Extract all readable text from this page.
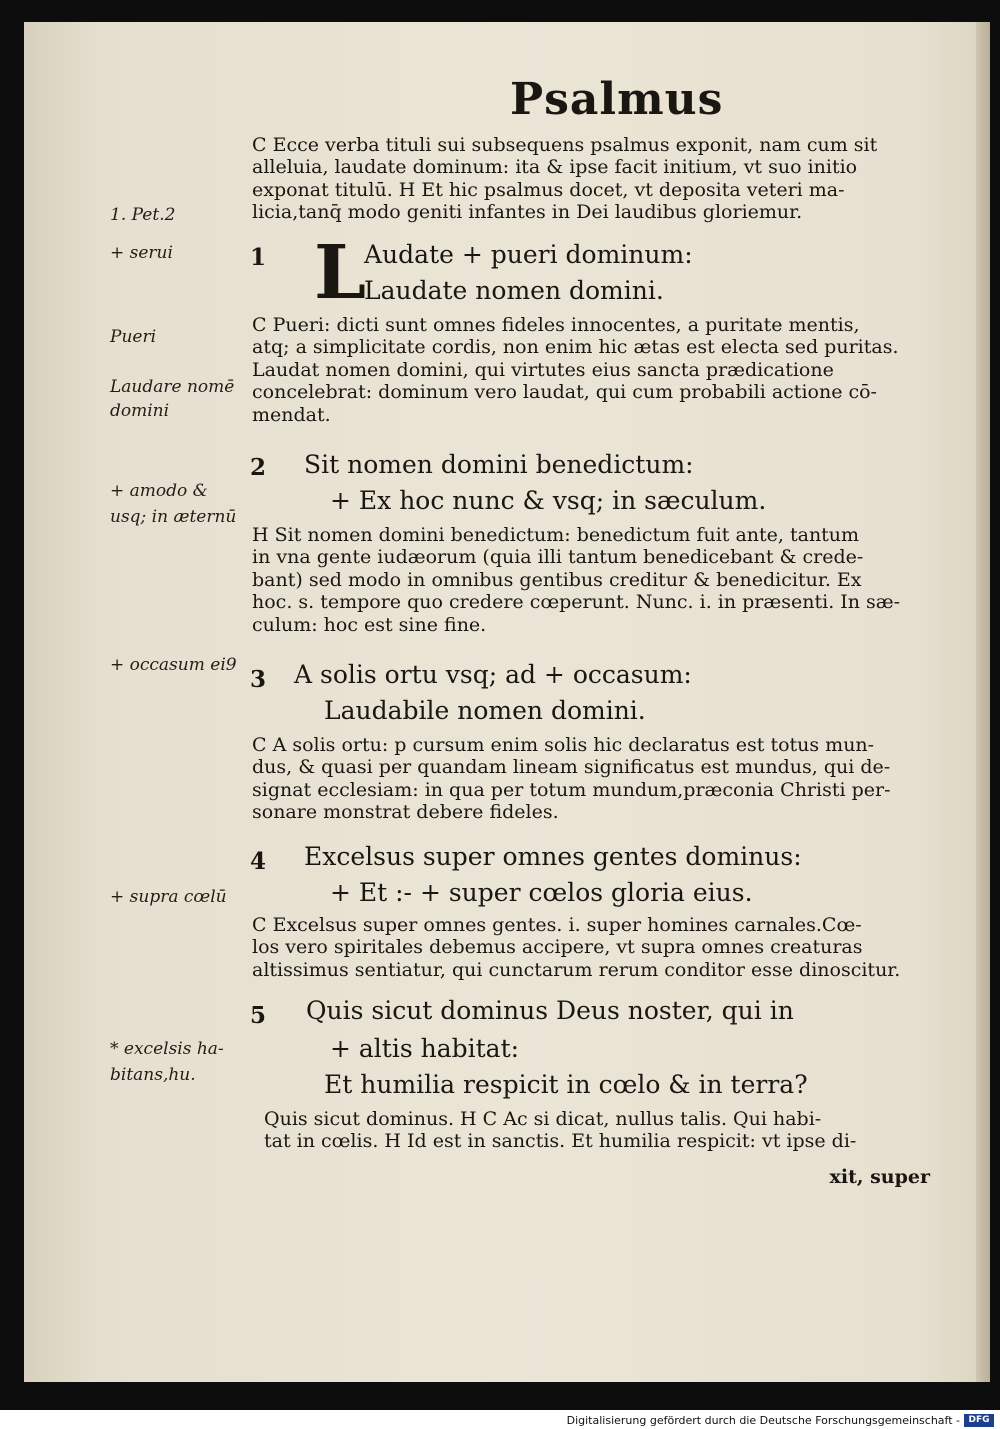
Psalmus
1. Pet.2
+ serui
Pueri
Laudare nomē
domini
+ amodo &
usq; in æternū
+ occasum ei9
+ supra cœlū
* excelsis ha-
bitans,hu.
C Ecce verba tituli sui subsequens psalmus exponit, nam cum sit
alleluia, laudate dominum: ita & ipse facit initium, vt suo initio
exponat titulū. H Et hic psalmus docet, vt deposita veteri ma-
licia,tanq̄ modo geniti infantes in Dei laudibus gloriemur.
1 L

Audate + pueri dominum:

Laudate nomen domini.

C Pueri: dicti sunt omnes fideles innocentes, a puritate mentis,
atq; a simplicitate cordis, non enim hic ætas est electa sed puritas.
Laudat nomen domini, qui virtutes eius sancta prædicatione
concelebrat: dominum vero laudat, qui cum probabili actione cō-
mendat.
2 Sit nomen domini benedictum:

+ Ex hoc nunc & vsq; in sæculum.

H Sit nomen domini benedictum: benedictum fuit ante, tantum
in vna gente iudæorum (quia illi tantum benedicebant & crede-
bant) sed modo in omnibus gentibus creditur & benedicitur. Ex
hoc. s. tempore quo credere cœperunt. Nunc. i. in præsenti. In sæ-
culum: hoc est sine fine.
3 A solis ortu vsq; ad + occasum:

Laudabile nomen domini.

C A solis ortu: p cursum enim solis hic declaratus est totus mun-
dus, & quasi per quandam lineam significatus est mundus, qui de-
signat ecclesiam: in qua per totum mundum,præconia Christi per-
sonare monstrat debere fideles.
4 Excelsus super omnes gentes dominus:

+ Et :- + super cœlos gloria eius.

C Excelsus super omnes gentes. i. super homines carnales.Cœ-
los vero spiritales debemus accipere, vt supra omnes creaturas
altissimus sentiatur, qui cunctarum rerum conditor esse dinoscitur.
5 Quis sicut dominus Deus noster, qui in

+ altis habitat:

Et humilia respicit in cœlo & in terra?

Quis sicut dominus. H C Ac si dicat, nullus talis. Qui habi-
tat in cœlis. H Id est in sanctis. Et humilia respicit: vt ipse di-
xit, super
Digitalisierung gefördert durch die Deutsche Forschungsgemeinschaft - DFG
